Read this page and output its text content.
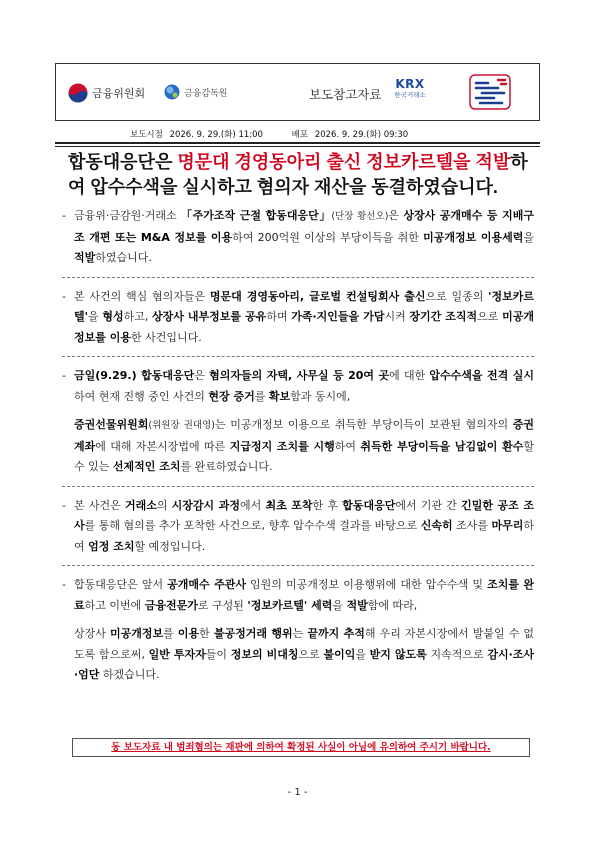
금융위원회	금융감독원	보도참고자료
KRX
한국거래소
보도시점 2026. 9. 29.(화) 11:00	배포 2026. 9. 29.(화) 09:30
합동대응단은 명문대 경영동아리 출신 정보카르텔을 적발하여 압수수색을 실시하고 혐의자 재산을 동결하였습니다.
- 금융위·금감원·거래소 「주가조작 근절 합동대응단」(단장 황선오)은 상장사 공개매수 등 지배구조 개편 또는 M&A 정보를 이용하여 200억원 이상의 부당이득을 취한 미공개정보 이용세력을 적발하였습니다.
- 본 사건의 핵심 혐의자들은 명문대 경영동아리, 글로벌 컨설팅회사 출신으로 일종의 '정보카르텔'을 형성하고, 상장사 내부정보를 공유하며 가족·지인들을 가담시켜 장기간 조직적으로 미공개정보를 이용한 사건입니다.
- 금일(9.29.) 합동대응단은 혐의자들의 자택, 사무실 등 20여 곳에 대한 압수수색을 전격 실시하여 현재 진행 중인 사건의 현장 증거를 확보함과 동시에,
증권선물위원회(위원장 권대영)는 미공개정보 이용으로 취득한 부당이득이 보관된 혐의자의 증권계좌에 대해 자본시장법에 따른 지급정지 조치를 시행하여 취득한 부당이득을 남김없이 환수할 수 있는 선제적인 조치를 완료하였습니다.
- 본 사건은 거래소의 시장감시 과정에서 최초 포착한 후 합동대응단에서 기관 간 긴밀한 공조 조사를 통해 혐의를 추가 포착한 사건으로, 향후 압수수색 결과를 바탕으로 신속히 조사를 마무리하여 엄정 조치할 예정입니다.
- 합동대응단은 앞서 공개매수 주관사 임원의 미공개정보 이용행위에 대한 압수수색 및 조치를 완료하고 이번에 금융전문가로 구성된 '정보카르텔' 세력을 적발함에 따라,
상장사 미공개정보를 이용한 불공정거래 행위는 끝까지 추적해 우리 자본시장에서 발붙일 수 없도록 함으로써, 일반 투자자들이 정보의 비대칭으로 불이익을 받지 않도록 지속적으로 감시·조사·엄단 하겠습니다.
동 보도자료 내 범죄혐의는 재판에 의하여 확정된 사실이 아님에 유의하여 주시기 바랍니다.
- 1 -
